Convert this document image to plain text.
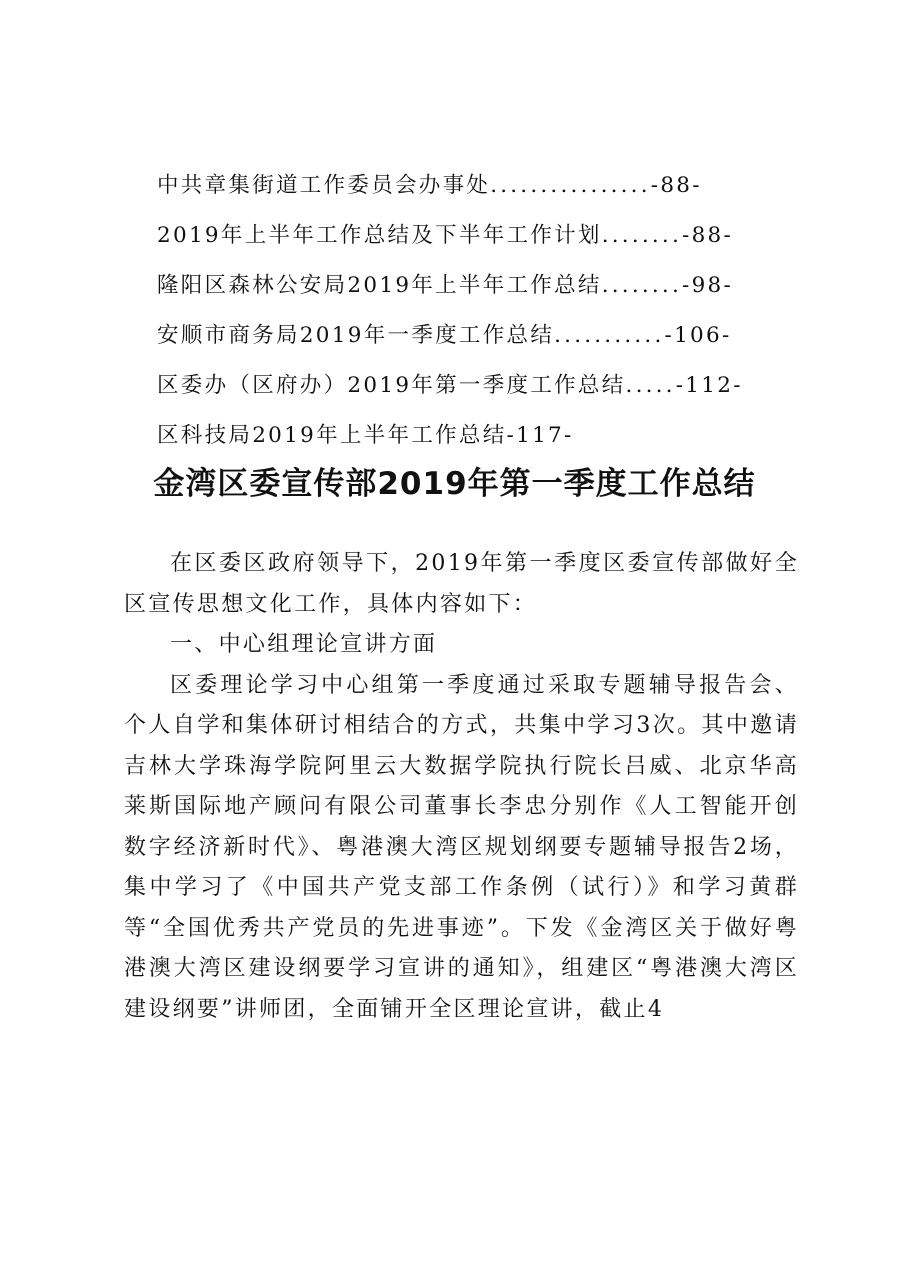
中共章集街道工作委员会办事处................-88-
2019年上半年工作总结及下半年工作计划........-88-
隆阳区森林公安局2019年上半年工作总结........-98-
安顺市商务局2019年一季度工作总结...........-106-
区委办（区府办）2019年第一季度工作总结.....-112-
区科技局2019年上半年工作总结-117-
金湾区委宣传部2019年第一季度工作总结

在区委区政府领导下，2019年第一季度区委宣传部做好全区宣传思想文化工作，具体内容如下：

一、中心组理论宣讲方面

区委理论学习中心组第一季度通过采取专题辅导报告会、个人自学和集体研讨相结合的方式，共集中学习3次。其中邀请吉林大学珠海学院阿里云大数据学院执行院长吕威、北京华高莱斯国际地产顾问有限公司董事长李忠分别作《人工智能开创数字经济新时代》、粤港澳大湾区规划纲要专题辅导报告2场，集中学习了《中国共产党支部工作条例（试行）》和学习黄群等“全国优秀共产党员的先进事迹”。下发《金湾区关于做好粤港澳大湾区建设纲要学习宣讲的通知》，组建区“粤港澳大湾区建设纲要”讲师团，全面铺开全区理论宣讲，截止4
